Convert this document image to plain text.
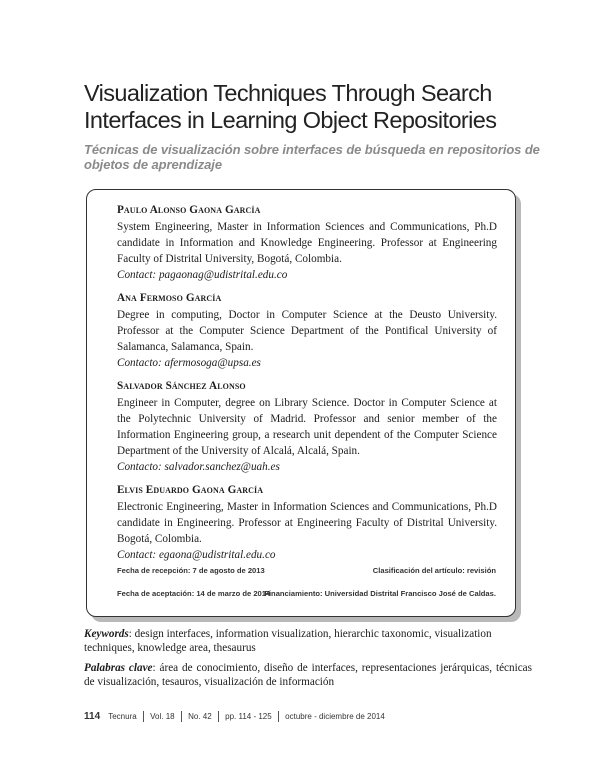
Visualization Techniques Through Search Interfaces in Learning Object Repositories
Técnicas de visualización sobre interfaces de búsqueda en repositorios de objetos de aprendizaje
Paulo Alonso Gaona García
System Engineering, Master in Information Sciences and Communications, Ph.D candidate in Information and Knowledge Engineering. Professor at Engineering Faculty of Distrital University, Bogotá, Colombia.
Contact: pagaonag@udistrital.edu.co
Ana Fermoso García
Degree in computing, Doctor in Computer Science at the Deusto University. Professor at the Computer Science Department of the Pontifical University of Salamanca, Salamanca, Spain.
Contacto: afermosoga@upsa.es
Salvador Sánchez Alonso
Engineer in Computer, degree on Library Science. Doctor in Computer Science at the Polytechnic University of Madrid. Professor and senior member of the Information Engineering group, a research unit dependent of the Computer Science Department of the University of Alcalá, Alcalá, Spain.
Contacto: salvador.sanchez@uah.es
Elvis Eduardo Gaona García
Electronic Engineering, Master in Information Sciences and Communications, Ph.D candidate in Engineering. Professor at Engineering Faculty of Distrital University. Bogotá, Colombia.
Contact: egaona@udistrital.edu.co
Fecha de recepción: 7 de agosto de 2013	Clasificación del artículo: revisión
Fecha de aceptación: 14 de marzo de 2014
Financiamiento: Universidad Distrital Francisco José de Caldas.
Keywords: design interfaces, information visualization, hierarchic taxonomic, visualization techniques, knowledge area, thesaurus
Palabras clave: área de conocimiento, diseño de interfaces, representaciones jerárquicas, técnicas de visualización, tesauros, visualización de información
114 Tecnura Vol. 18 No. 42 pp. 114 - 125 octubre - diciembre de 2014
